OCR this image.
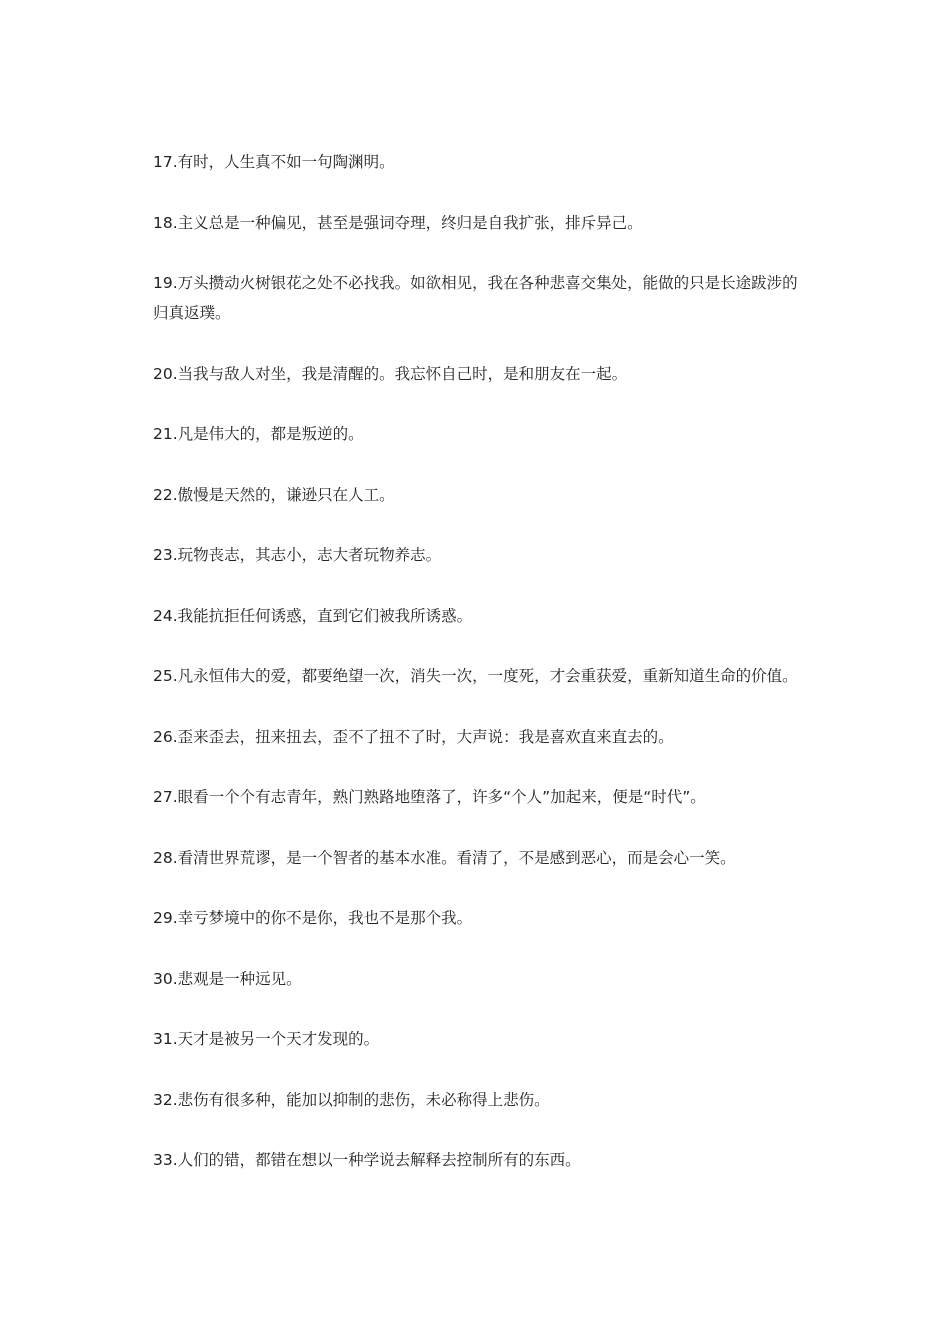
17.有时，人生真不如一句陶渊明。
18.主义总是一种偏见，甚至是强词夺理，终归是自我扩张，排斥异己。
19.万头攒动火树银花之处不必找我。如欲相见，我在各种悲喜交集处，能做的只是长途跋涉的归真返璞。
20.当我与敌人对坐，我是清醒的。我忘怀自己时，是和朋友在一起。
21.凡是伟大的，都是叛逆的。
22.傲慢是天然的，谦逊只在人工。
23.玩物丧志，其志小，志大者玩物养志。
24.我能抗拒任何诱惑，直到它们被我所诱惑。
25.凡永恒伟大的爱，都要绝望一次，消失一次，一度死，才会重获爱，重新知道生命的价值。
26.歪来歪去，扭来扭去，歪不了扭不了时，大声说：我是喜欢直来直去的。
27.眼看一个个有志青年，熟门熟路地堕落了，许多“个人”加起来，便是“时代”。
28.看清世界荒谬，是一个智者的基本水准。看清了，不是感到恶心，而是会心一笑。
29.幸亏梦境中的你不是你，我也不是那个我。
30.悲观是一种远见。
31.天才是被另一个天才发现的。
32.悲伤有很多种，能加以抑制的悲伤，未必称得上悲伤。
33.人们的错，都错在想以一种学说去解释去控制所有的东西。
